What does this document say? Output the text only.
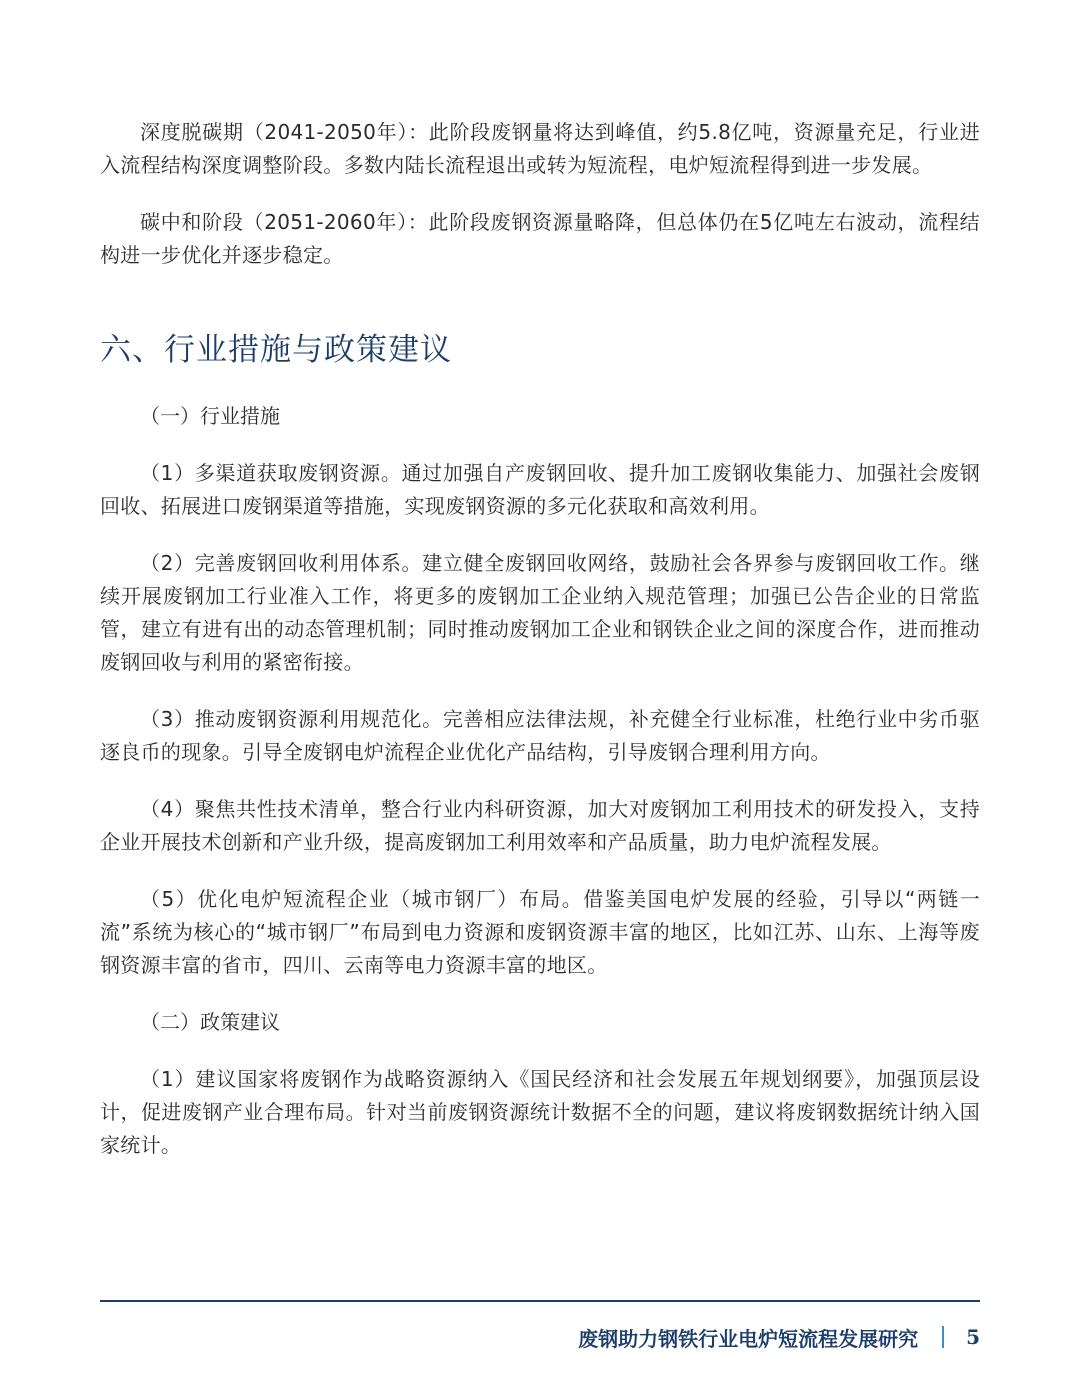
深度脱碳期（2041-2050年）：此阶段废钢量将达到峰值，约5.8亿吨，资源量充足，行业进入流程结构深度调整阶段。多数内陆长流程退出或转为短流程，电炉短流程得到进一步发展。

碳中和阶段（2051-2060年）：此阶段废钢资源量略降，但总体仍在5亿吨左右波动，流程结构进一步优化并逐步稳定。

六、行业措施与政策建议
（一）行业措施

（1）多渠道获取废钢资源。通过加强自产废钢回收、提升加工废钢收集能力、加强社会废钢回收、拓展进口废钢渠道等措施，实现废钢资源的多元化获取和高效利用。

（2）完善废钢回收利用体系。建立健全废钢回收网络，鼓励社会各界参与废钢回收工作。继续开展废钢加工行业准入工作，将更多的废钢加工企业纳入规范管理；加强已公告企业的日常监管，建立有进有出的动态管理机制；同时推动废钢加工企业和钢铁企业之间的深度合作，进而推动废钢回收与利用的紧密衔接。

（3）推动废钢资源利用规范化。完善相应法律法规，补充健全行业标准，杜绝行业中劣币驱逐良币的现象。引导全废钢电炉流程企业优化产品结构，引导废钢合理利用方向。

（4）聚焦共性技术清单，整合行业内科研资源，加大对废钢加工利用技术的研发投入，支持企业开展技术创新和产业升级，提高废钢加工利用效率和产品质量，助力电炉流程发展。

（5）优化电炉短流程企业（城市钢厂）布局。借鉴美国电炉发展的经验，引导以“两链一流”系统为核心的“城市钢厂”布局到电力资源和废钢资源丰富的地区，比如江苏、山东、上海等废钢资源丰富的省市，四川、云南等电力资源丰富的地区。

（二）政策建议

（1）建议国家将废钢作为战略资源纳入《国民经济和社会发展五年规划纲要》，加强顶层设计，促进废钢产业合理布局。针对当前废钢资源统计数据不全的问题，建议将废钢数据统计纳入国家统计。

废钢助力钢铁行业电炉短流程发展研究 5
